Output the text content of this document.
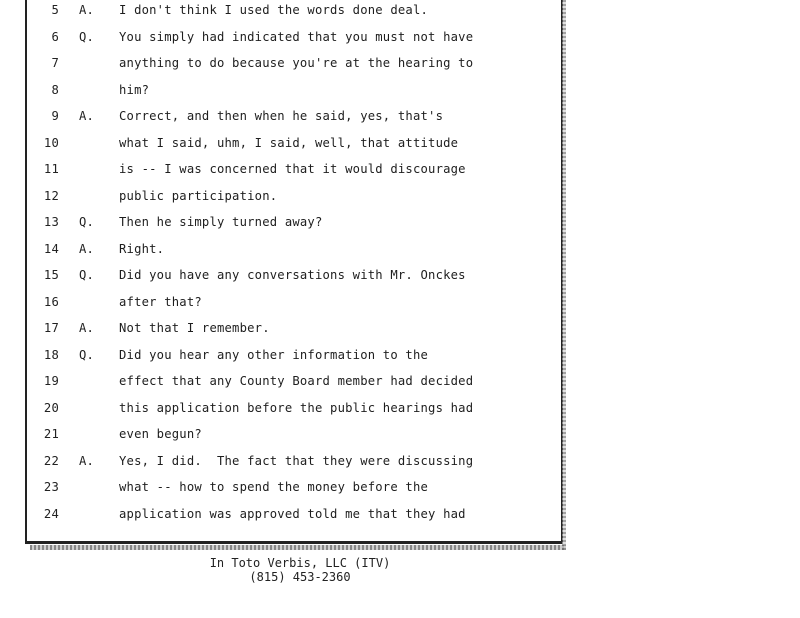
5 A.	I don't think I used the words done deal.
6 Q.	You simply had indicated that you must not have
7	anything to do because you're at the hearing to
8	him?
9 A.	Correct, and then when he said, yes, that's
10	what I said, uhm, I said, well, that attitude
11	is -- I was concerned that it would discourage
12	public participation.
13 Q.	Then he simply turned away?
14 A.	Right.
15 Q.	Did you have any conversations with Mr. Onckes
16	after that?
17 A.	Not that I remember.
18 Q.	Did you hear any other information to the
19	effect that any County Board member had decided
20	this application before the public hearings had
21	even begun?
22 A.	Yes, I did.  The fact that they were discussing
23	what -- how to spend the money before the
24	application was approved told me that they had
In Toto Verbis, LLC (ITV)
(815) 453-2360
